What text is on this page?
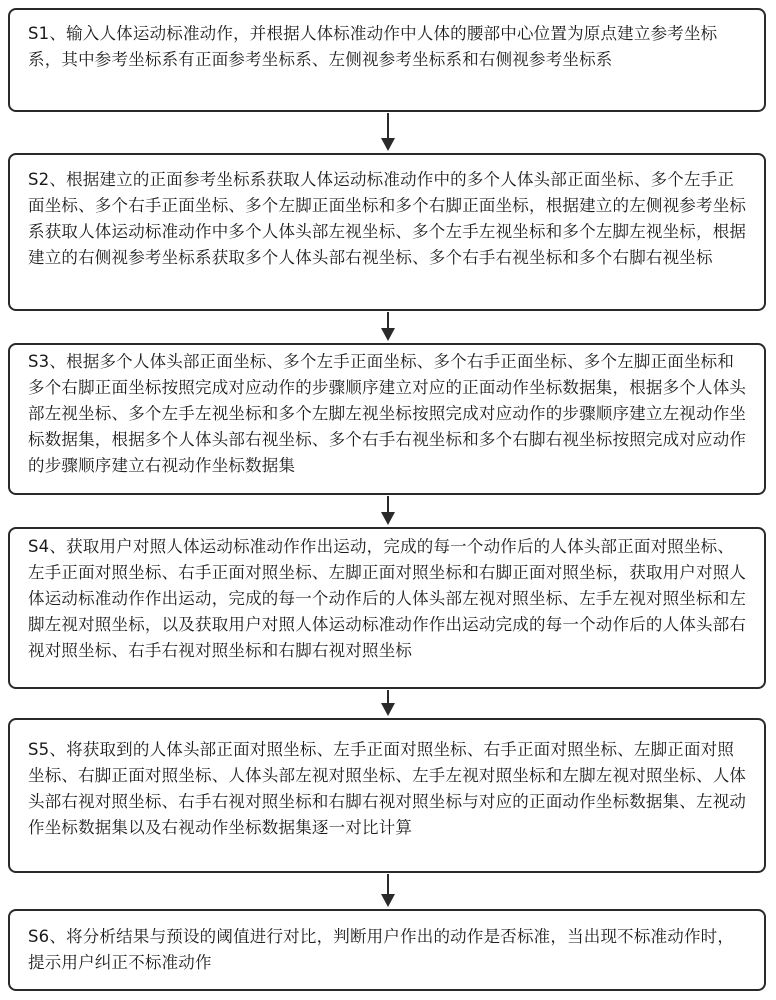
S1、输入人体运动标准动作，并根据人体标准动作中人体的腰部中心位置为原点建立参考坐标系，其中参考坐标系有正面参考坐标系、左侧视参考坐标系和右侧视参考坐标系
S2、根据建立的正面参考坐标系获取人体运动标准动作中的多个人体头部正面坐标、多个左手正面坐标、多个右手正面坐标、多个左脚正面坐标和多个右脚正面坐标，根据建立的左侧视参考坐标系获取人体运动标准动作中多个人体头部左视坐标、多个左手左视坐标和多个左脚左视坐标，根据建立的右侧视参考坐标系获取多个人体头部右视坐标、多个右手右视坐标和多个右脚右视坐标
S3、根据多个人体头部正面坐标、多个左手正面坐标、多个右手正面坐标、多个左脚正面坐标和多个右脚正面坐标按照完成对应动作的步骤顺序建立对应的正面动作坐标数据集，根据多个人体头部左视坐标、多个左手左视坐标和多个左脚左视坐标按照完成对应动作的步骤顺序建立左视动作坐标数据集，根据多个人体头部右视坐标、多个右手右视坐标和多个右脚右视坐标按照完成对应动作的步骤顺序建立右视动作坐标数据集
S4、获取用户对照人体运动标准动作作出运动，完成的每一个动作后的人体头部正面对照坐标、左手正面对照坐标、右手正面对照坐标、左脚正面对照坐标和右脚正面对照坐标，获取用户对照人体运动标准动作作出运动，完成的每一个动作后的人体头部左视对照坐标、左手左视对照坐标和左脚左视对照坐标，以及获取用户对照人体运动标准动作作出运动完成的每一个动作后的人体头部右视对照坐标、右手右视对照坐标和右脚右视对照坐标
S5、将获取到的人体头部正面对照坐标、左手正面对照坐标、右手正面对照坐标、左脚正面对照坐标、右脚正面对照坐标、人体头部左视对照坐标、左手左视对照坐标和左脚左视对照坐标、人体头部右视对照坐标、右手右视对照坐标和右脚右视对照坐标与对应的正面动作坐标数据集、左视动作坐标数据集以及右视动作坐标数据集逐一对比计算
S6、将分析结果与预设的阈值进行对比，判断用户作出的动作是否标准，当出现不标准动作时，提示用户纠正不标准动作
